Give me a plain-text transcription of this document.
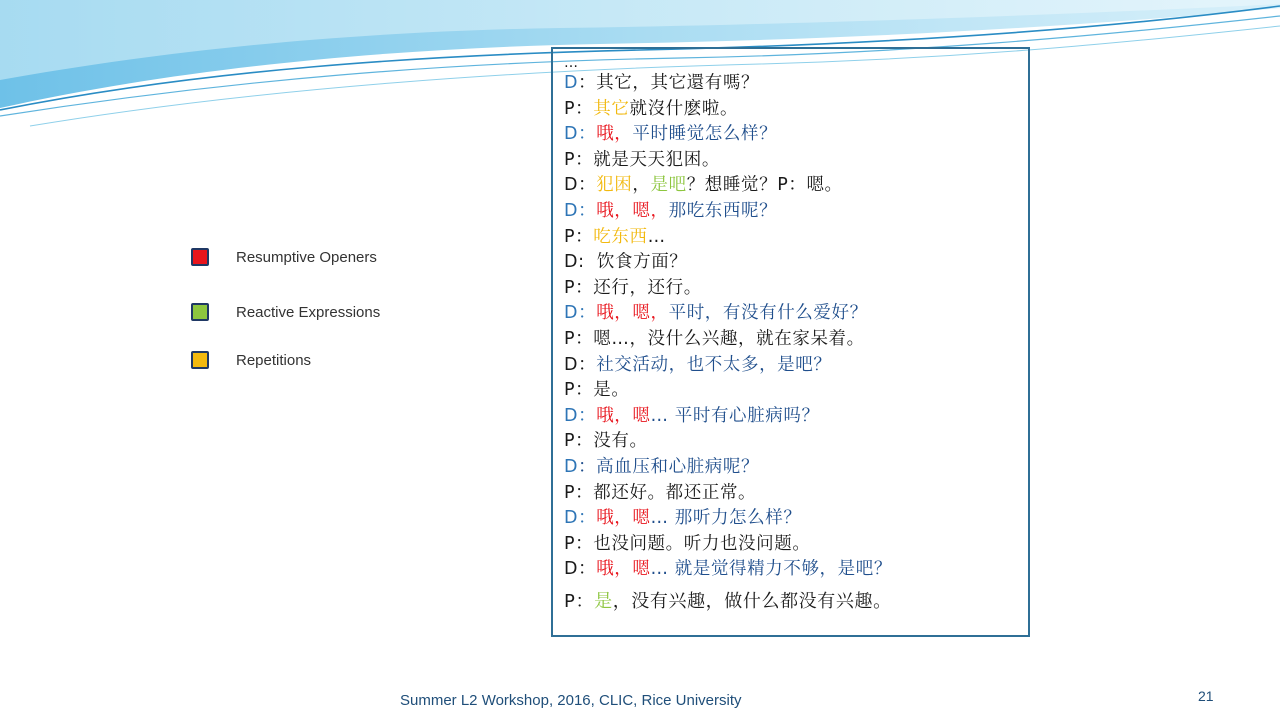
Resumptive Openers
Reactive Expressions
Repetitions
…
D：其它，其它還有嗎？
P：其它就沒什麽啦。
D：哦，平时睡觉怎么样？
P：就是天天犯困。
D：犯困，是吧？想睡觉？P：嗯。
D：哦，嗯，那吃东西呢？
P：吃东西…
D:  饮食方面？
P：还行，还行。
D：哦，嗯，平时，有没有什么爱好？
P：嗯…，没什么兴趣，就在家呆着。
D：社交活动，也不太多，是吧？
P：是。
D：哦，嗯… 平时有心脏病吗？
P：没有。
D：高血压和心脏病呢？
P：都还好。都还正常。
D：哦，嗯… 那听力怎么样？
P：也没问题。听力也没问题。
D：哦，嗯… 就是觉得精力不够，是吧？
P：是，没有兴趣，做什么都没有兴趣。
Summer L2 Workshop, 2016, CLIC, Rice University	21
